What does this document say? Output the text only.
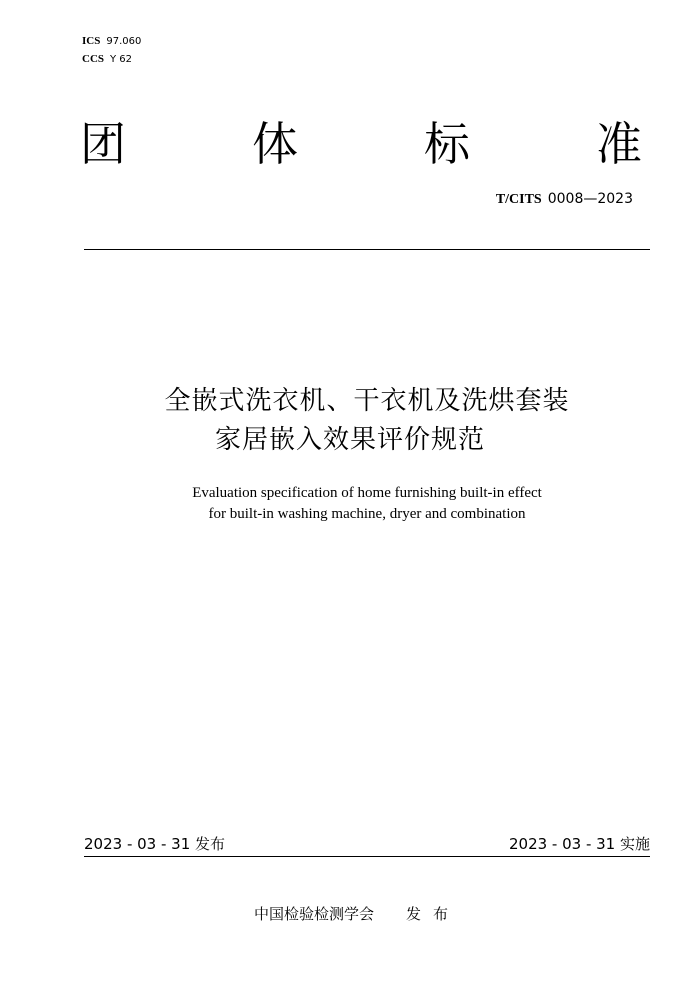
ICS 97.060
CCS Y 62
团	体	标	准
T/CITS 0008—2023
全嵌式洗衣机、干衣机及洗烘套装
家居嵌入效果评价规范
Evaluation specification of home furnishing built-in effect
for built-in washing machine, dryer and combination
2023 - 03 - 31 发布	2023 - 03 - 31 实施
中国检验检测学会 发布
